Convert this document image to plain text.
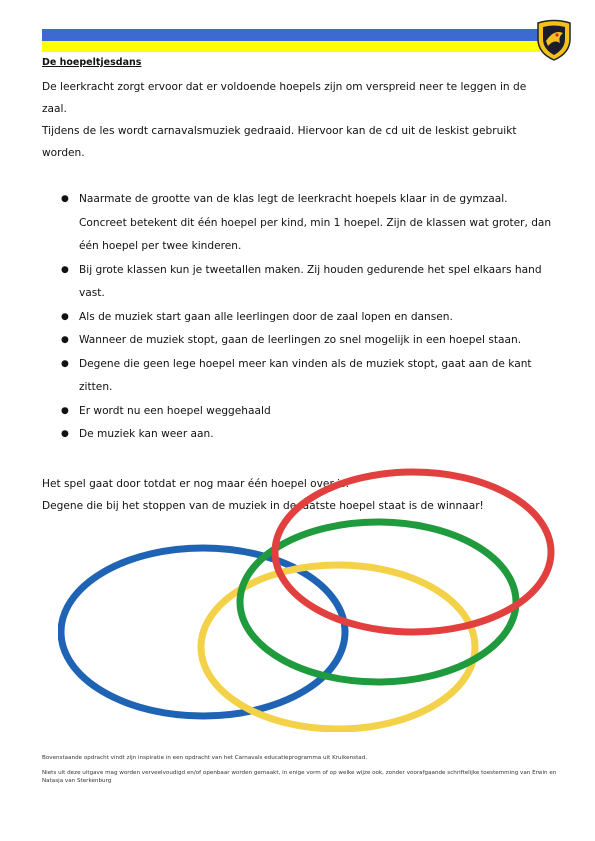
De hoepeltjesdans

De leerkracht zorgt ervoor dat er voldoende hoepels zijn om verspreid neer te leggen in de zaal.

Tijdens de les wordt carnavalsmuziek gedraaid. Hiervoor kan de cd uit de leskist gebruikt worden.

● Naarmate de grootte van de klas legt de leerkracht hoepels klaar in de gymzaal. Concreet betekent dit één hoepel per kind, min 1 hoepel. Zijn de klassen wat groter, dan één hoepel per twee kinderen.
● Bij grote klassen kun je tweetallen maken. Zij houden gedurende het spel elkaars hand vast.
● Als de muziek start gaan alle leerlingen door de zaal lopen en dansen.
● Wanneer de muziek stopt, gaan de leerlingen zo snel mogelijk in een hoepel staan.
● Degene die geen lege hoepel meer kan vinden als de muziek stopt, gaat aan de kant zitten.
● Er wordt nu een hoepel weggehaald
● De muziek kan weer aan.

Het spel gaat door totdat er nog maar één hoepel over is.

Degene die bij het stoppen van de muziek in de laatste hoepel staat is de winnaar!

Bovenstaande opdracht vindt zijn inspiratie in een opdracht van het Carnavals educatieprogramma uit Kruikenstad.

Niets uit deze uitgave mag worden verveelvoudigd en/of openbaar worden gemaakt, in enige vorm of op welke wijze ook, zonder voorafgaande schriftelijke toestemming van Erwin en Natasja van Sterkenburg
